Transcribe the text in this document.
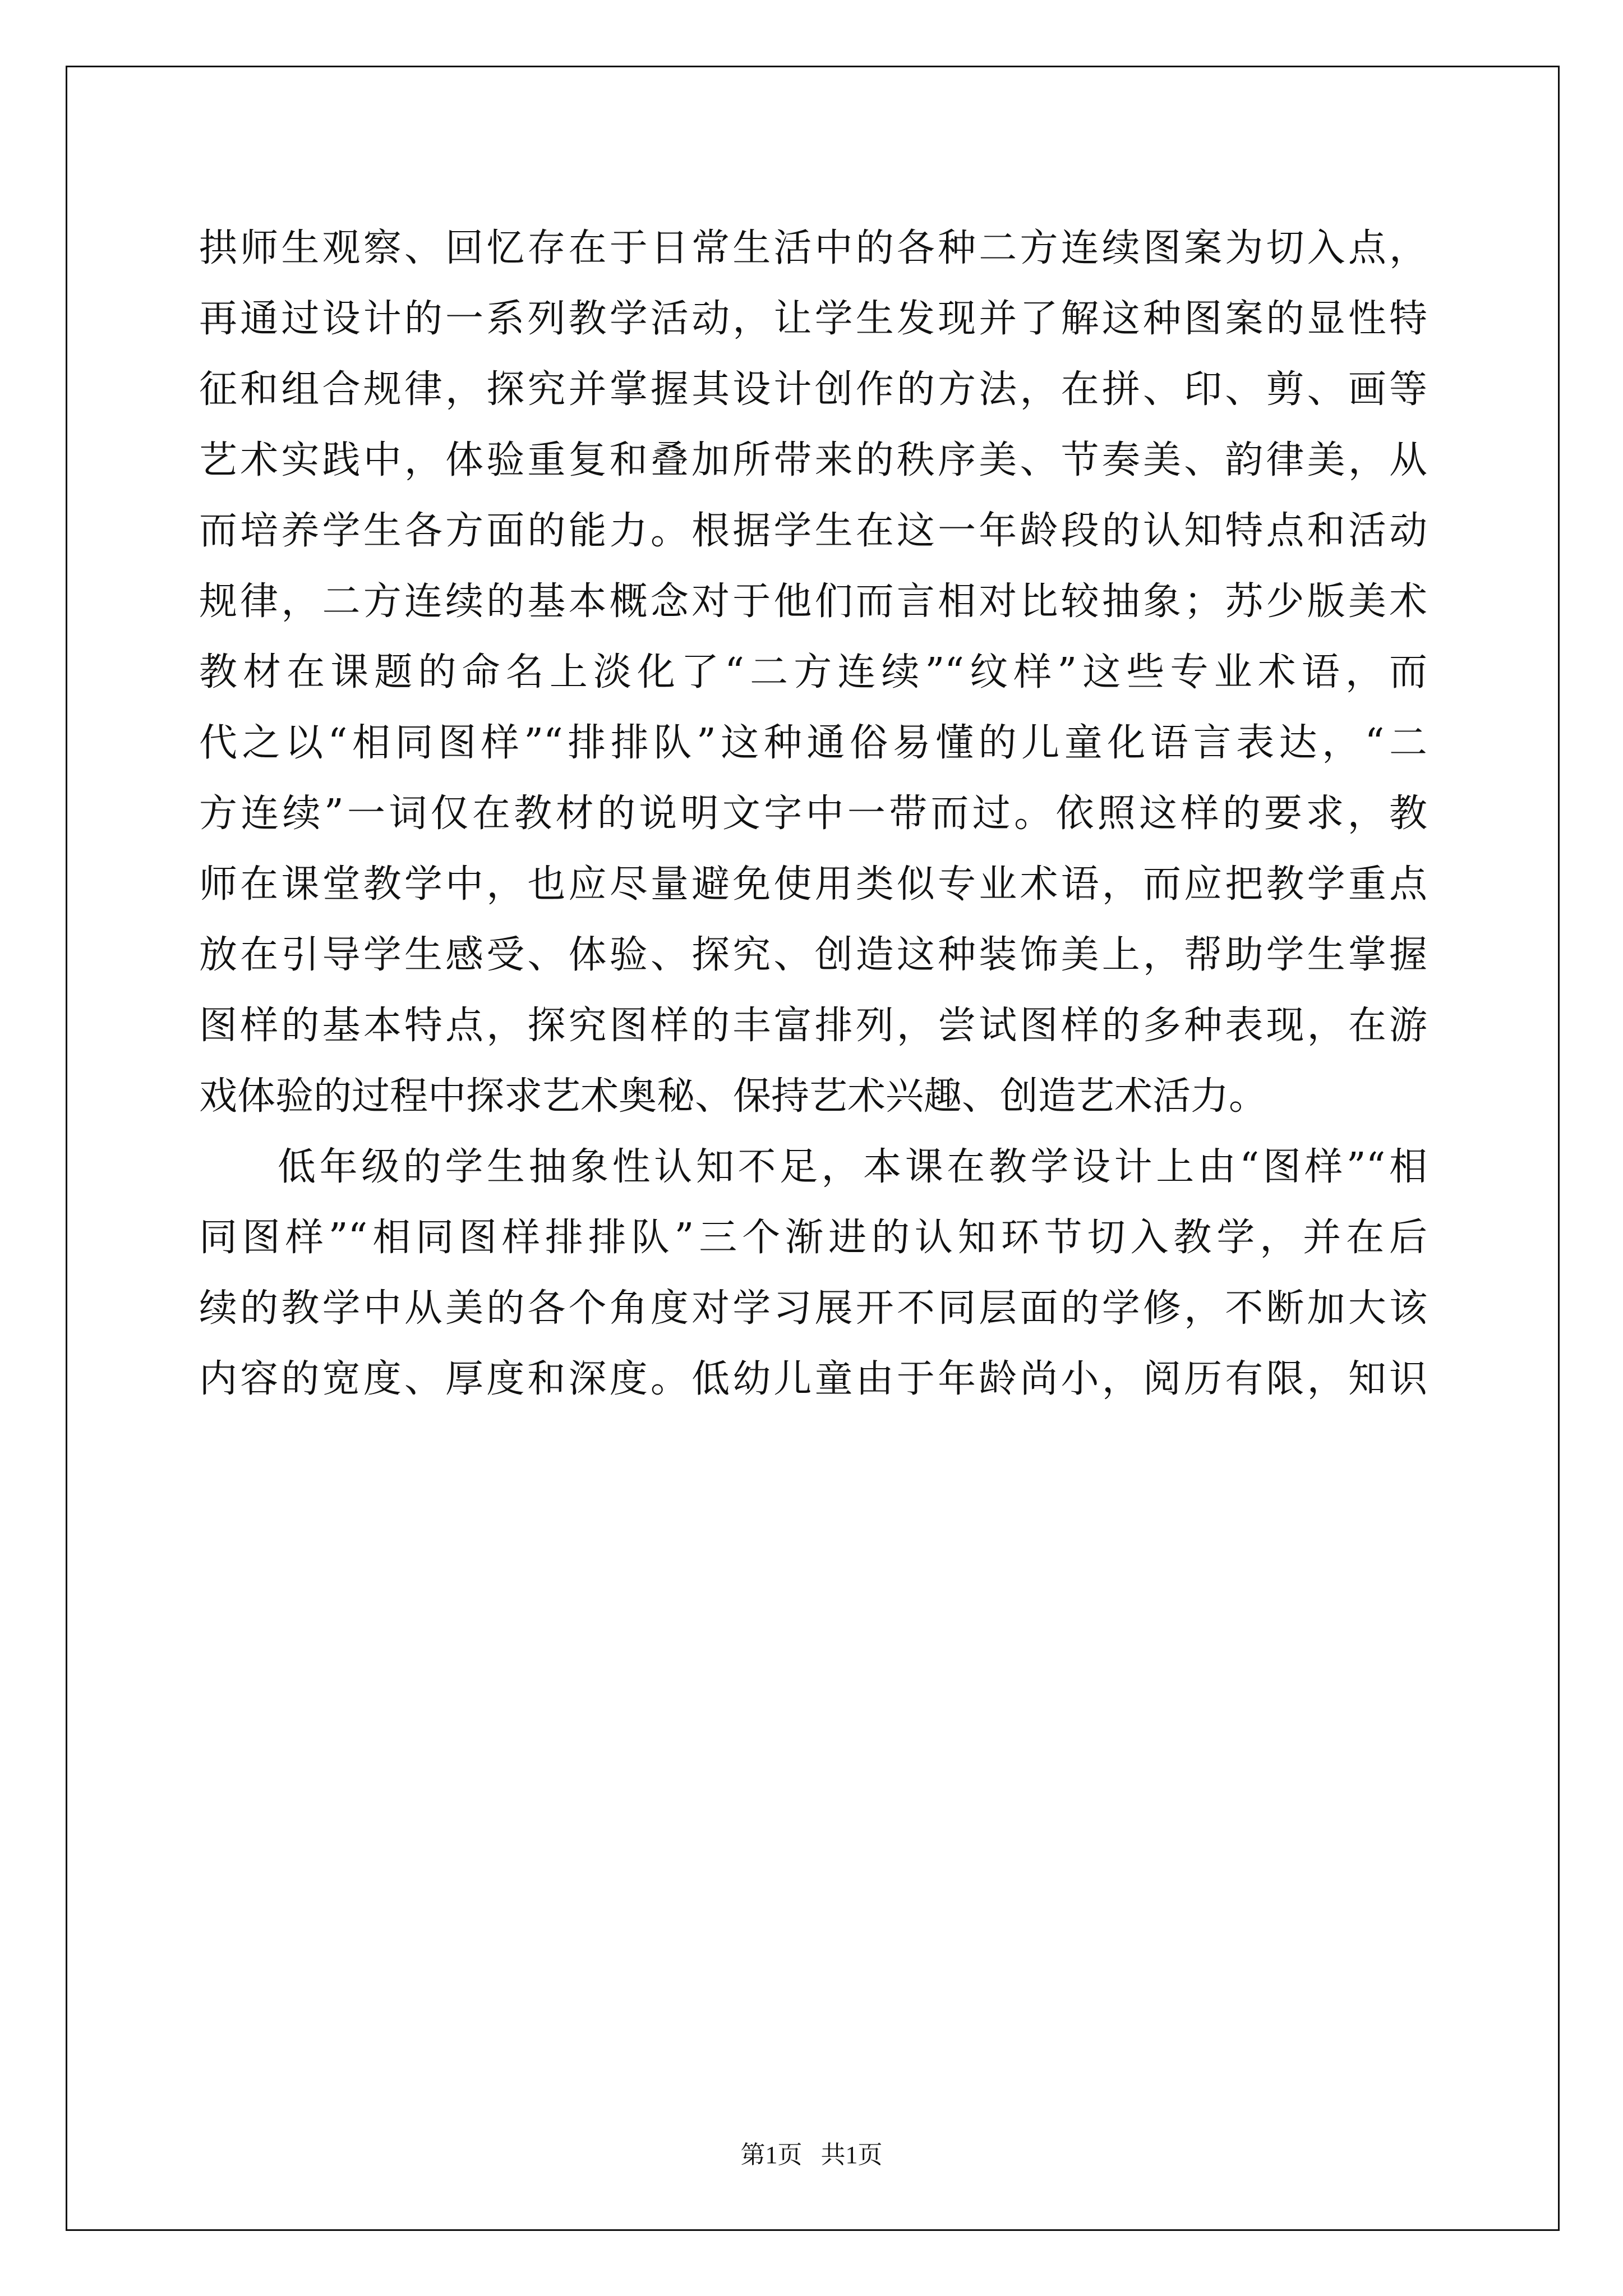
拱师生观察、回忆存在于日常生活中的各种二方连续图案为切入点，
再通过设计的一系列教学活动，让学生发现并了解这种图案的显性特
征和组合规律，探究并掌握其设计创作的方法，在拼、印、剪、画等
艺术实践中，体验重复和叠加所带来的秩序美、节奏美、韵律美，从
而培养学生各方面的能力。根据学生在这一年龄段的认知特点和活动
规律，二方连续的基本概念对于他们而言相对比较抽象；苏少版美术
教材在课题的命名上淡化了“二方连续”“纹样”这些专业术语，而
代之以“相同图样”“排排队”这种通俗易懂的儿童化语言表达，“二
方连续”一词仅在教材的说明文字中一带而过。依照这样的要求，教
师在课堂教学中，也应尽量避免使用类似专业术语，而应把教学重点
放在引导学生感受、体验、探究、创造这种装饰美上，帮助学生掌握
图样的基本特点，探究图样的丰富排列，尝试图样的多种表现，在游
戏体验的过程中探求艺术奥秘、保持艺术兴趣、创造艺术活力。
低年级的学生抽象性认知不足，本课在教学设计上由“图样”“相
同图样”“相同图样排排队”三个渐进的认知环节切入教学，并在后
续的教学中从美的各个角度对学习展开不同层面的学修，不断加大该
内容的宽度、厚度和深度。低幼儿童由于年龄尚小，阅历有限，知识
第1页 共1页
